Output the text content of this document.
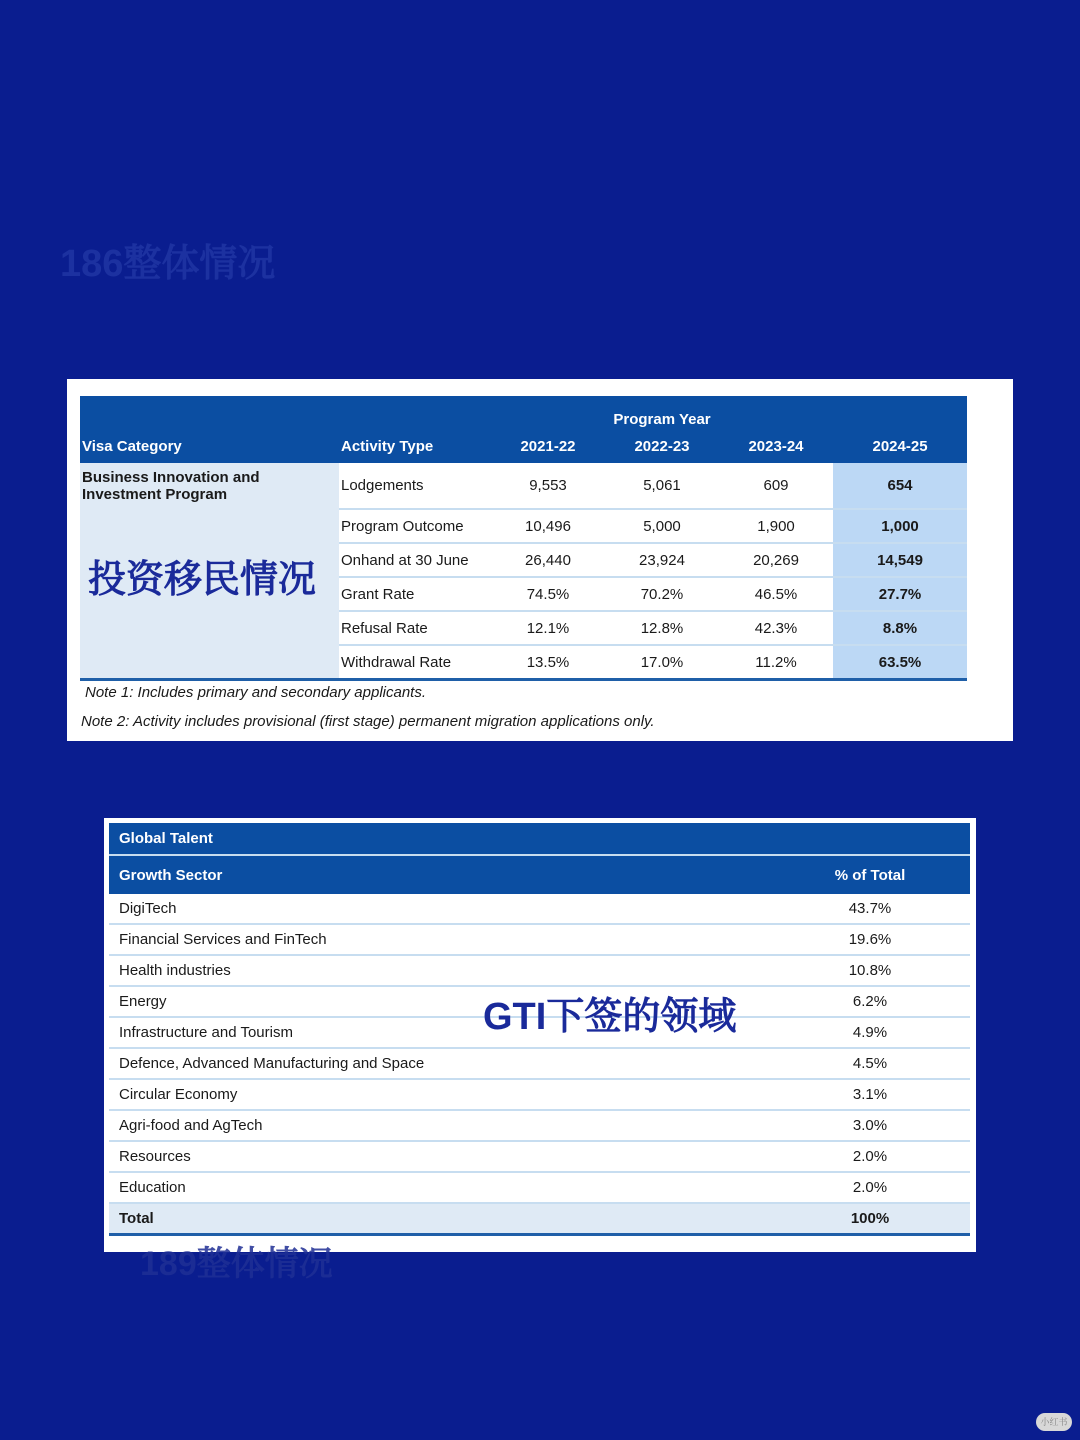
186整体情况
		Program Year			
Visa Category	Activity Type	2021-22	2022-23	2023-24	2024-25
Business Innovation and Investment Program	Lodgements	9,553	5,061	609	654
	Program Outcome	10,496	5,000	1,900	1,000
	Onhand at 30 June	26,440	23,924	20,269	14,549
	Grant Rate	74.5%	70.2%	46.5%	27.7%
	Refusal Rate	12.1%	12.8%	42.3%	8.8%
	Withdrawal Rate	13.5%	17.0%	11.2%	63.5%
投资移民情况
Note 1: Includes primary and secondary applicants.
Note 2: Activity includes provisional (first stage) permanent migration applications only.
Global Talent	
Growth Sector	% of Total
DigiTech	43.7%
Financial Services and FinTech	19.6%
Health industries	10.8%
Energy	6.2%
Infrastructure and Tourism	4.9%
Defence, Advanced Manufacturing and Space	4.5%
Circular Economy	3.1%
Agri-food and AgTech	3.0%
Resources	2.0%
Education	2.0%
Total	100%
GTI下签的领域
189整体情况
小红书
